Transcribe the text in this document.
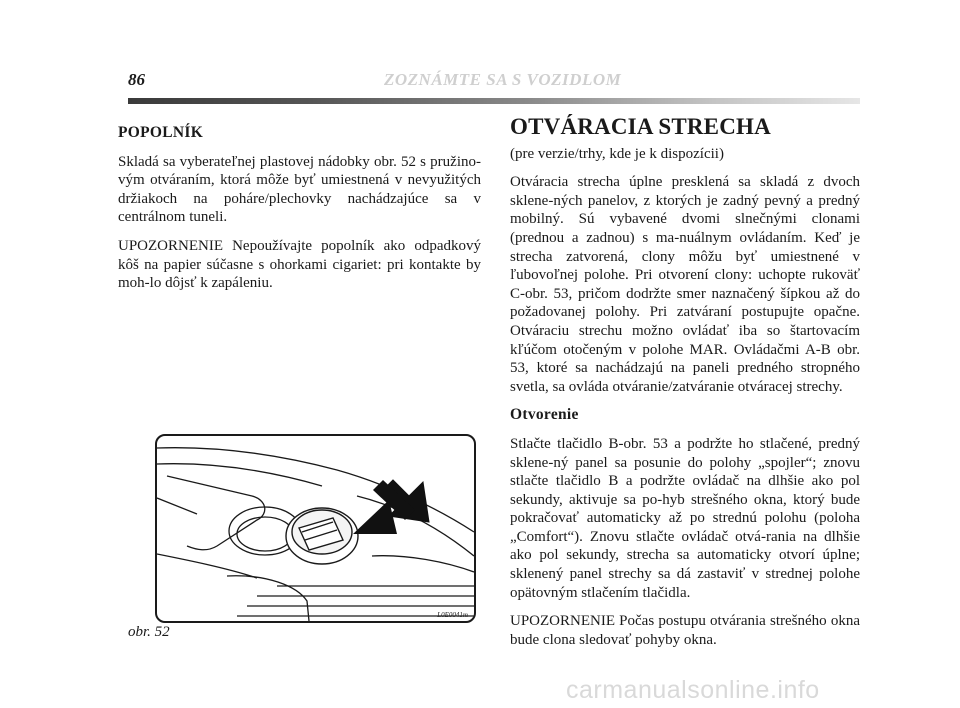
86	ZOZNÁMTE SA S VOZIDLOM
POPOLNÍK

Skladá sa vyberateľnej plastovej nádobky obr. 52 s pružino-vým otváraním, ktorá môže byť umiestnená v nevyužitých držiakoch na poháre/plechovky nachádzajúce sa v centrálnom tuneli.

UPOZORNENIE Nepoužívajte popolník ako odpadkový kôš na papier súčasne s ohorkami cigariet: pri kontakte by moh-lo dôjsť k zapáleniu.

L0E0041m
obr. 52
OTVÁRACIA STRECHA

(pre verzie/trhy, kde je k dispozícii)

Otváracia strecha úplne presklená sa skladá z dvoch sklene-ných panelov, z ktorých je zadný pevný a predný mobilný. Sú vybavené dvomi slnečnými clonami (prednou a zadnou) s ma-nuálnym ovládaním. Keď je strecha zatvorená, clony môžu byť umiestnené v ľubovoľnej polohe. Pri otvorení clony: uchopte rukoväť C-obr. 53, pričom dodržte smer naznačený šípkou až do požadovanej polohy. Pri zatváraní postupujte opačne. Otváraciu strechu možno ovládať iba so štartovacím kľúčom otočeným v polohe MAR. Ovládačmi A-B obr. 53, ktoré sa nachádzajú na paneli predného stropného svetla, sa ovláda otváranie/zatváranie otváracej strechy.

Otvorenie

Stlačte tlačidlo B-obr. 53 a podržte ho stlačené, predný sklene-ný panel sa posunie do polohy „spojler“; znovu stlačte tlačidlo B a podržte ovládač na dlhšie ako pol sekundy, aktivuje sa po-hyb strešného okna, ktorý bude pokračovať automaticky až po strednú polohu (poloha „Comfort“). Znovu stlačte ovládač otvá-rania na dlhšie ako pol sekundy, strecha sa automaticky otvorí úplne; sklenený panel strechy sa dá zastaviť v strednej polohe opätovným stlačením tlačidla.

UPOZORNENIE Počas postupu otvárania strešného okna bude clona sledovať pohyby okna.

carmanualsonline.info
